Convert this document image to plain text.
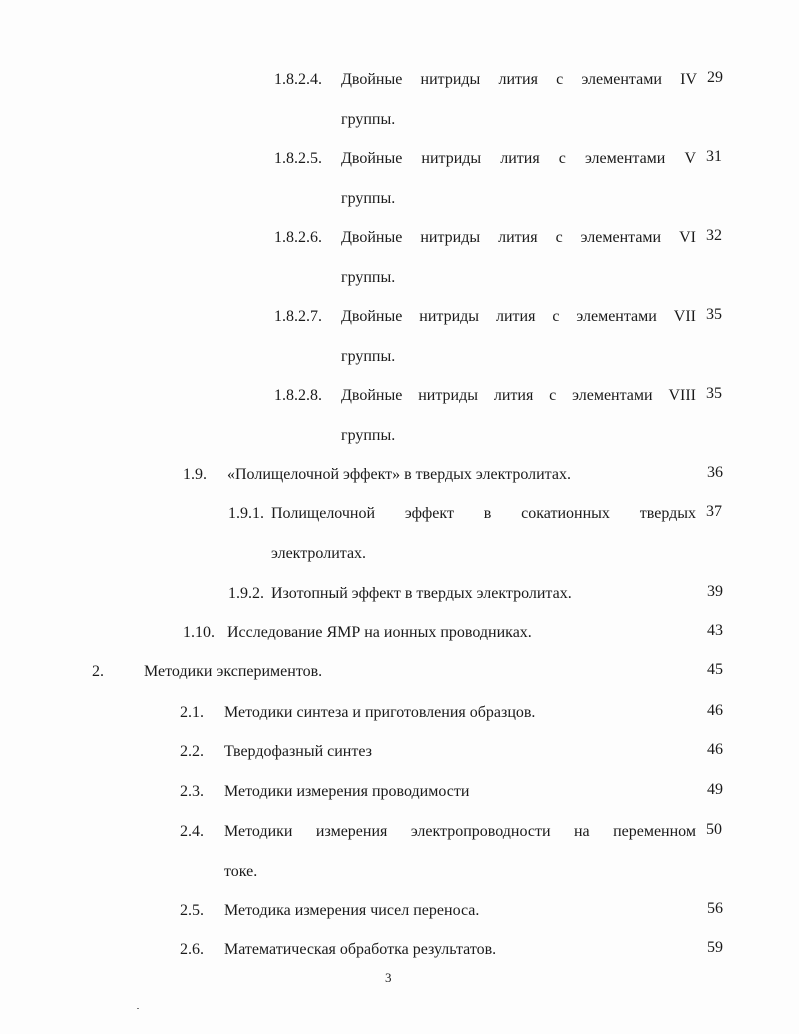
1.8.2.4. Двойные нитриды лития с элементами IV 29
группы.
1.8.2.5. Двойные нитриды лития с элементами V 31
группы.
1.8.2.6. Двойные нитриды лития с элементами VI 32
группы.
1.8.2.7. Двойные нитриды лития с элементами VII 35
группы.
1.8.2.8. Двойные нитриды лития с элементами VIII 35
группы.
1.9. «Полищелочной эффект» в твердых электролитах.	36
1.9.1. Полищелочной эффект в сокатионных твердых 37
электролитах.
1.9.2. Изотопный эффект в твердых электролитах.	39
1.10. Исследование ЯМР на ионных проводниках.	43
2.	Методики экспериментов.	45
2.1. Методики синтеза и приготовления образцов.	46
2.2. Твердофазный синтез	46
2.3. Методики измерения проводимости	49
2.4. Методики измерения электропроводности на переменном 50
токе.
2.5. Методика измерения чисел переноса.	56
2.6. Математическая обработка результатов.	59
3
